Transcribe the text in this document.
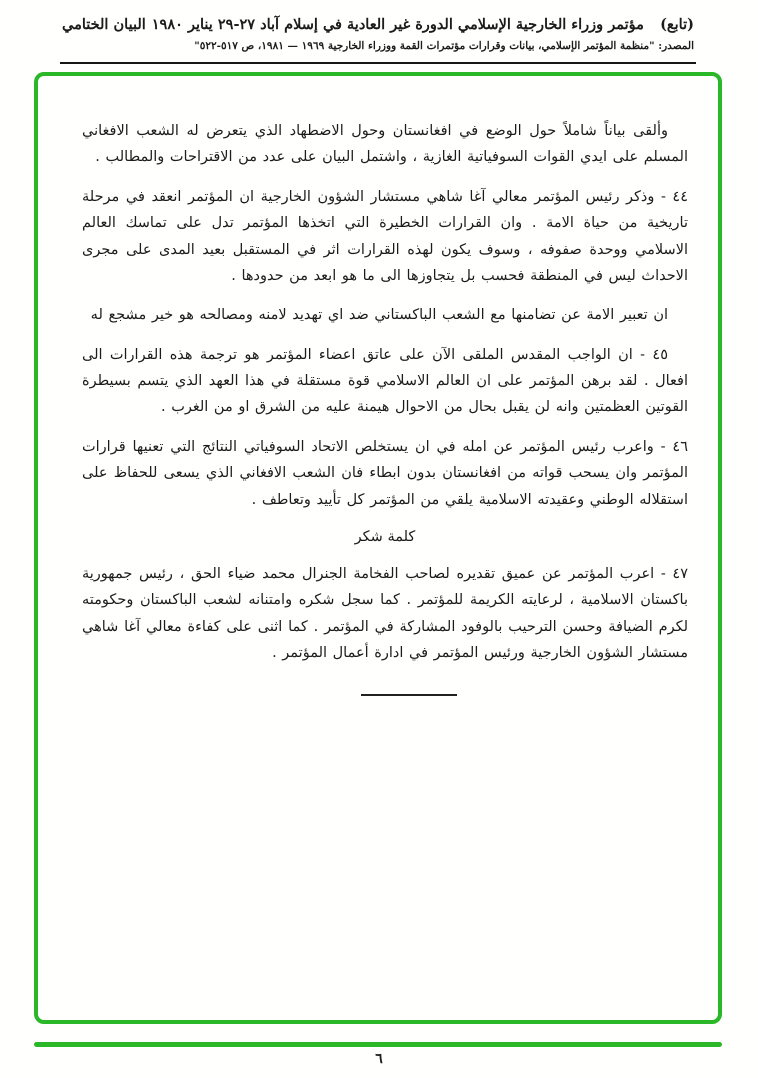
(تابع)
مؤتمر وزراء الخارجية الإسلامي الدورة غير العادية في إسلام آباد ٢٧-٢٩ يناير ١٩٨٠
البيان الختامي
المصدر: "منظمة المؤتمر الإسلامي، بيانات وقرارات مؤتمرات القمة ووزراء الخارجية ١٩٦٩ — ١٩٨١، ص ٥١٧-٥٢٢"

وألقى بياناً شاملاً حول الوضع في افغانستان وحول الاضطهاد الذي يتعرض له الشعب الافغاني المسلم على ايدي القوات السوفياتية الغازية ، واشتمل البيان على عدد من الاقتراحات والمطالب .

٤٤ - وذكر رئيس المؤتمر معالي آغا شاهي مستشار الشؤون الخارجية ان المؤتمر انعقد في مرحلة تاريخية من حياة الامة . وان القرارات الخطيرة التي اتخذها المؤتمر تدل على تماسك العالم الاسلامي ووحدة صفوفه ، وسوف يكون لهذه القرارات اثر في المستقبل بعيد المدى على مجرى الاحداث ليس في المنطقة فحسب بل يتجاوزها الى ما هو ابعد من حدودها .

ان تعبير الامة عن تضامنها مع الشعب الباكستاني ضد اي تهديد لامنه ومصالحه هو خير مشجع له

٤٥ - ان الواجب المقدس الملقى الآن على عاتق اعضاء المؤتمر هو ترجمة هذه القرارات الى افعال . لقد برهن المؤتمر على ان العالم الاسلامي قوة مستقلة في هذا العهد الذي يتسم بسيطرة القوتين العظمتين وانه لن يقبل بحال من الاحوال هيمنة عليه من الشرق او من الغرب .

٤٦ - واعرب رئيس المؤتمر عن امله في ان يستخلص الاتحاد السوفياتي النتائج التي تعنيها قرارات المؤتمر وان يسحب قواته من افغانستان بدون ابطاء فان الشعب الافغاني الذي يسعى للحفاظ على استقلاله الوطني وعقيدته الاسلامية يلقي من المؤتمر كل تأييد وتعاطف .

كلمة شكر

٤٧ - اعرب المؤتمر عن عميق تقديره لصاحب الفخامة الجنرال محمد ضياء الحق ، رئيس جمهورية باكستان الاسلامية ، لرعايته الكريمة للمؤتمر . كما سجل شكره وامتنانه لشعب الباكستان وحكومته لكرم الضيافة وحسن الترحيب بالوفود المشاركة في المؤتمر . كما اثنى على كفاءة معالي آغا شاهي مستشار الشؤون الخارجية ورئيس المؤتمر في ادارة أعمال المؤتمر .

٦
